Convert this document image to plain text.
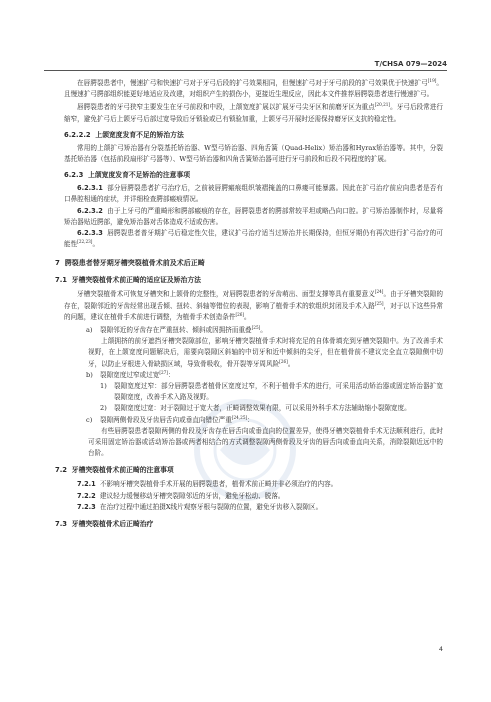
T/CHSA 079—2024

在唇腭裂患者中，慢速扩弓和快速扩弓对于牙弓后段的扩弓效果相同，但慢速扩弓对于牙弓前段的扩弓效果优于快速扩弓[19]。且慢速扩弓腭部组织能更好地适应及改建，对组织产生的损伤小，更接近生理反应，因此本文件推荐唇腭裂患者进行慢速扩弓。

唇腭裂患者的牙弓狭窄主要发生在牙弓前段和中段，上颌宽度扩展以扩展牙弓尖牙区和前磨牙区为重点[20,21]。牙弓后段常进行缩窄，避免扩弓后上颌牙弓后部过宽导致后牙锁验或已有锁验加重，上颌牙弓开展时还需保持磨牙区支抗的稳定性。

6.2.2.2 上颌宽度发育不足的矫治方法

常用的上颌扩弓矫治器有分裂基托矫治器、W型弓矫治器、四角舌簧（Quad-Helix）矫治器和Hyrax矫治器等。其中，分裂基托矫治器（包括前段扇形扩弓器等）、W型弓矫治器和四角舌簧矫治器可进行牙弓前段和后段不同程度的扩展。

6.2.3 上颌宽度发育不足矫治的注意事项

6.2.3.1 部分唇腭裂患者扩弓治疗后，之前被唇腭瘢痕组织皱褶掩盖的口鼻瘘可能暴露。因此在扩弓治疗前应向患者是否有口鼻腔相通的症状，并详细检查腭部瘢痕情况。

6.2.3.2 由于上牙弓的严重畸形和腭部瘢痕的存在，唇腭裂患者的腭部常较平坦或略凸向口腔。扩弓矫治器制作时，尽量将矫治器贴近腭部，避免矫治器对舌体造成不适或伤害。

6.2.3.3 唇腭裂患者普牙期扩弓后稳定性欠佳，建议扩弓治疗适当过矫治并长期保持，但恒牙期仍有再次进行扩弓治疗的可能性[22,23]。

7 腭裂患者替牙期牙槽突裂植骨术前及术后正畸
7.1 牙槽突裂植骨术前正畸的适应证及矫治方法

牙槽突裂植骨术可恢复牙槽突和上颌骨的完整性，对唇腭裂患者的牙齿萌出、面型支撑等具有重要意义[24]。由于牙槽突裂隙的存在，裂隙邻近的牙齿经常出现舌倾、扭转、斜轴等错位的表现，影响了植骨手术的软组织封闭及手术入路[25]，对于以下这些异常的问题，建议在植骨手术前进行调整，为植骨手术创造条件[26]。

a)	裂隙邻近的牙齿存在严重扭转、倾斜或因拥挤而重叠[25]。

上颌拥挤的前牙遮挡牙槽突裂隙部位，影响牙槽突裂植骨手术时将充足的自体骨填充到牙槽突裂隙中。为了改善手术视野，在上颌宽度问题解决后，需要向裂隙区斜轴的中切牙和近中倾斜的尖牙，但在植骨前不建议完全直立裂隙侧中切牙，以防止牙根进入骨缺损区域，导致骨吸收，骨开裂等牙周风险[26]。

b)	裂隙宽度过窄或过宽[27]：
1)	裂隙宽度过窄：部分唇腭裂患者植骨区宽度过窄，不利于植骨手术的进行，可采用活动矫治器或固定矫治器扩宽裂隙宽度，改善手术入路及视野。
2)	裂隙宽度过宽：对于裂隙过于宽大者，正畸调整效果有限，可以采用外科手术方法辅助缩小裂隙宽度。
c)	裂隙两侧骨段及牙齿唇舌向或垂直向错位严重[24,25]：

有些唇腭裂患者裂隙两侧的骨段及牙齿存在唇舌向或垂直向的位置差异，使得牙槽突裂植骨手术无法顺利进行，此时可采用固定矫治器或活动矫治器或两者相结合的方式调整裂隙两侧骨段及牙齿的唇舌向或垂直向关系，消除裂隙近远中的台阶。

7.2 牙槽突裂植骨术前正畸的注意事项

7.2.1 不影响牙槽突裂植骨手术开展的唇腭裂患者，植骨术前正畸并非必须治疗的内容。

7.2.2 建议轻力缓慢移动牙槽突裂隙邻近的牙齿，避免牙松动、脱落。

7.2.3 在治疗过程中通过拍摄X线片观察牙根与裂隙的位置，避免牙齿移入裂隙区。

7.3 牙槽突裂植骨术后正畸治疗
4
